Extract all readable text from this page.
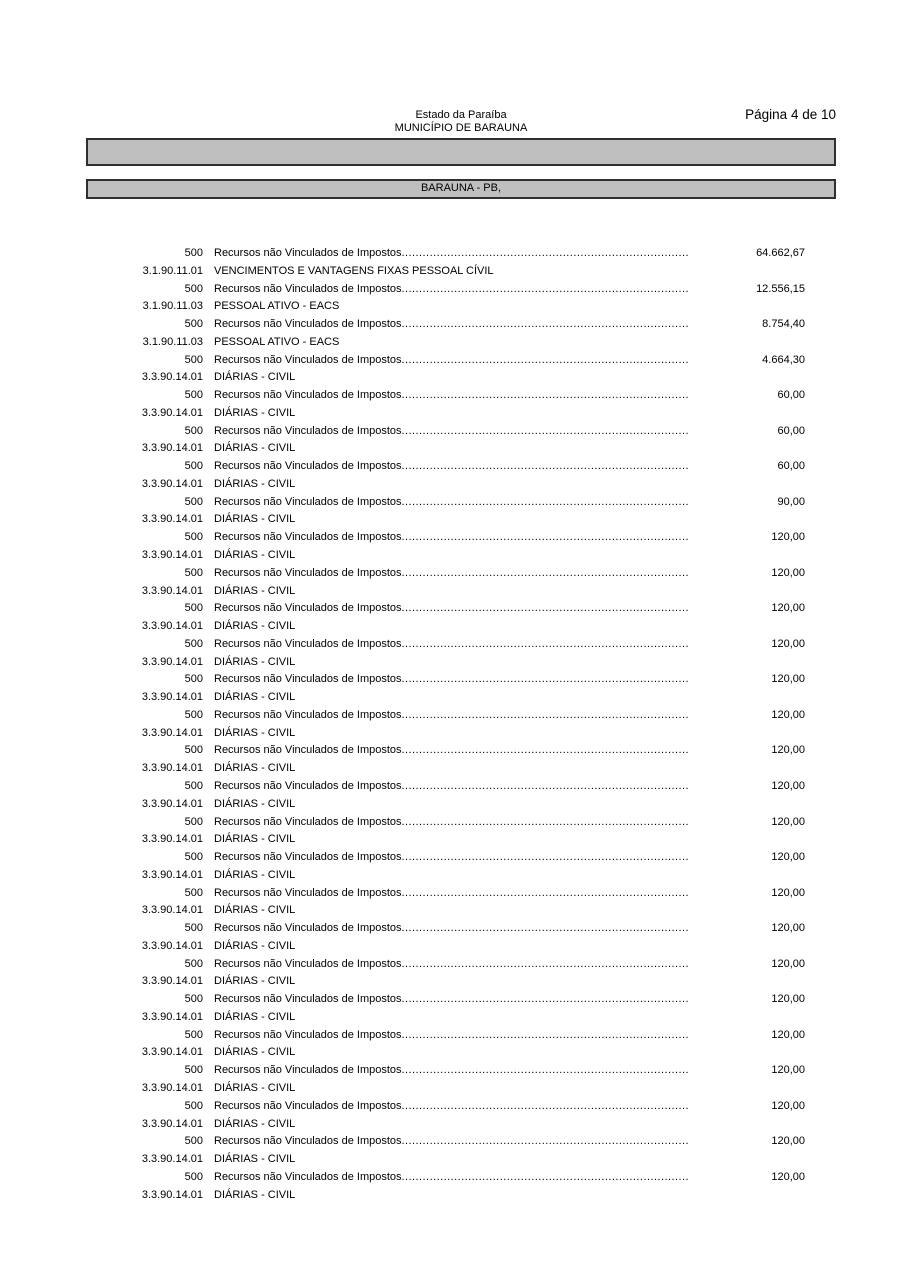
Estado da Paraíba
MUNICÍPIO DE BARAUNA
Página 4 de 10
BARAUNA - PB,
500 Recursos não Vinculados de Impostos .....	64.662,67
3.1.90.11.01 VENCIMENTOS E VANTAGENS FIXAS PESSOAL CÍVIL
500 Recursos não Vinculados de Impostos .....	12.556,15
3.1.90.11.03 PESSOAL ATIVO - EACS
500 Recursos não Vinculados de Impostos .....	8.754,40
3.1.90.11.03 PESSOAL ATIVO - EACS
500 Recursos não Vinculados de Impostos .....	4.664,30
3.3.90.14.01 DIÁRIAS - CIVIL
500 Recursos não Vinculados de Impostos .....	60,00
3.3.90.14.01 DIÁRIAS - CIVIL
500 Recursos não Vinculados de Impostos .....	60,00
3.3.90.14.01 DIÁRIAS - CIVIL
500 Recursos não Vinculados de Impostos .....	60,00
3.3.90.14.01 DIÁRIAS - CIVIL
500 Recursos não Vinculados de Impostos .....	90,00
3.3.90.14.01 DIÁRIAS - CIVIL
500 Recursos não Vinculados de Impostos .....	120,00
3.3.90.14.01 DIÁRIAS - CIVIL
500 Recursos não Vinculados de Impostos .....	120,00
3.3.90.14.01 DIÁRIAS - CIVIL
500 Recursos não Vinculados de Impostos .....	120,00
3.3.90.14.01 DIÁRIAS - CIVIL
500 Recursos não Vinculados de Impostos .....	120,00
3.3.90.14.01 DIÁRIAS - CIVIL
500 Recursos não Vinculados de Impostos .....	120,00
3.3.90.14.01 DIÁRIAS - CIVIL
500 Recursos não Vinculados de Impostos .....	120,00
3.3.90.14.01 DIÁRIAS - CIVIL
500 Recursos não Vinculados de Impostos .....	120,00
3.3.90.14.01 DIÁRIAS - CIVIL
500 Recursos não Vinculados de Impostos .....	120,00
3.3.90.14.01 DIÁRIAS - CIVIL
500 Recursos não Vinculados de Impostos .....	120,00
3.3.90.14.01 DIÁRIAS - CIVIL
500 Recursos não Vinculados de Impostos .....	120,00
3.3.90.14.01 DIÁRIAS - CIVIL
500 Recursos não Vinculados de Impostos .....	120,00
3.3.90.14.01 DIÁRIAS - CIVIL
500 Recursos não Vinculados de Impostos .....	120,00
3.3.90.14.01 DIÁRIAS - CIVIL
500 Recursos não Vinculados de Impostos .....	120,00
3.3.90.14.01 DIÁRIAS - CIVIL
500 Recursos não Vinculados de Impostos .....	120,00
3.3.90.14.01 DIÁRIAS - CIVIL
500 Recursos não Vinculados de Impostos .....	120,00
3.3.90.14.01 DIÁRIAS - CIVIL
500 Recursos não Vinculados de Impostos .....	120,00
3.3.90.14.01 DIÁRIAS - CIVIL
500 Recursos não Vinculados de Impostos .....	120,00
3.3.90.14.01 DIÁRIAS - CIVIL
500 Recursos não Vinculados de Impostos .....	120,00
3.3.90.14.01 DIÁRIAS - CIVIL
500 Recursos não Vinculados de Impostos .....	120,00
3.3.90.14.01 DIÁRIAS - CIVIL
